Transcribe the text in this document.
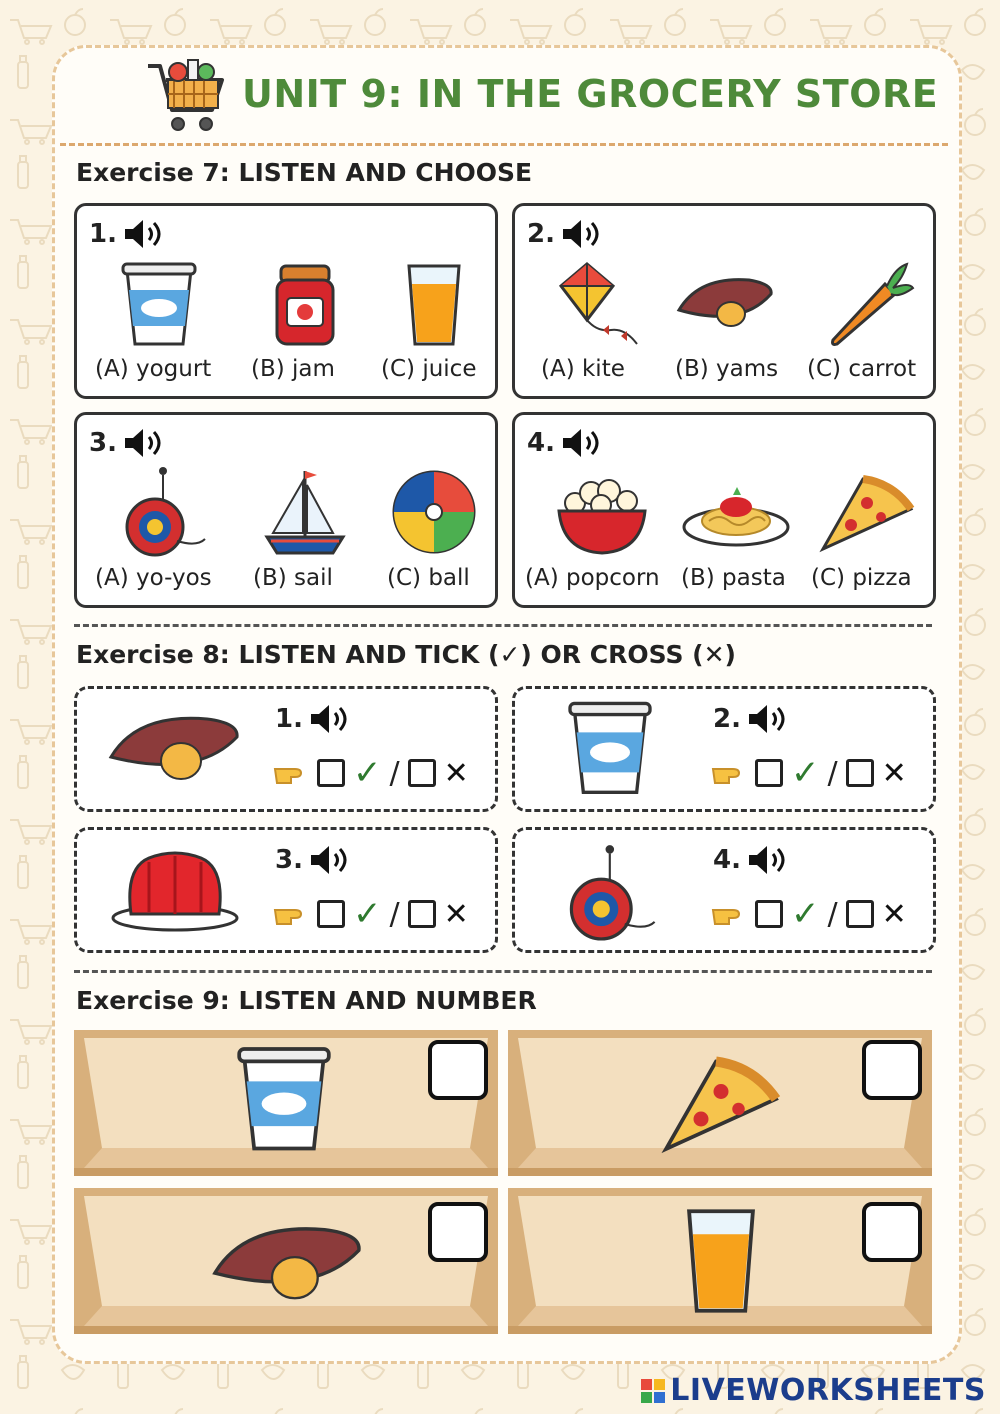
UNIT 9: IN THE GROCERY STORE
Exercise 7: LISTEN AND CHOOSE
1.
(A) yogurt (B) jam (C) juice
2.
(A) kite (B) yams (C) carrot
3.
(A) yo-yos (B) sail (C) ball
4.
(A) popcorn (B) pasta (C) pizza
Exercise 8: LISTEN AND TICK (✓) OR CROSS (✕)
1.
✓ / ✕
2.
✓ / ✕
3.
✓ / ✕
4.
✓ / ✕
Exercise 9: LISTEN AND NUMBER
LIVEWORKSHEETS
